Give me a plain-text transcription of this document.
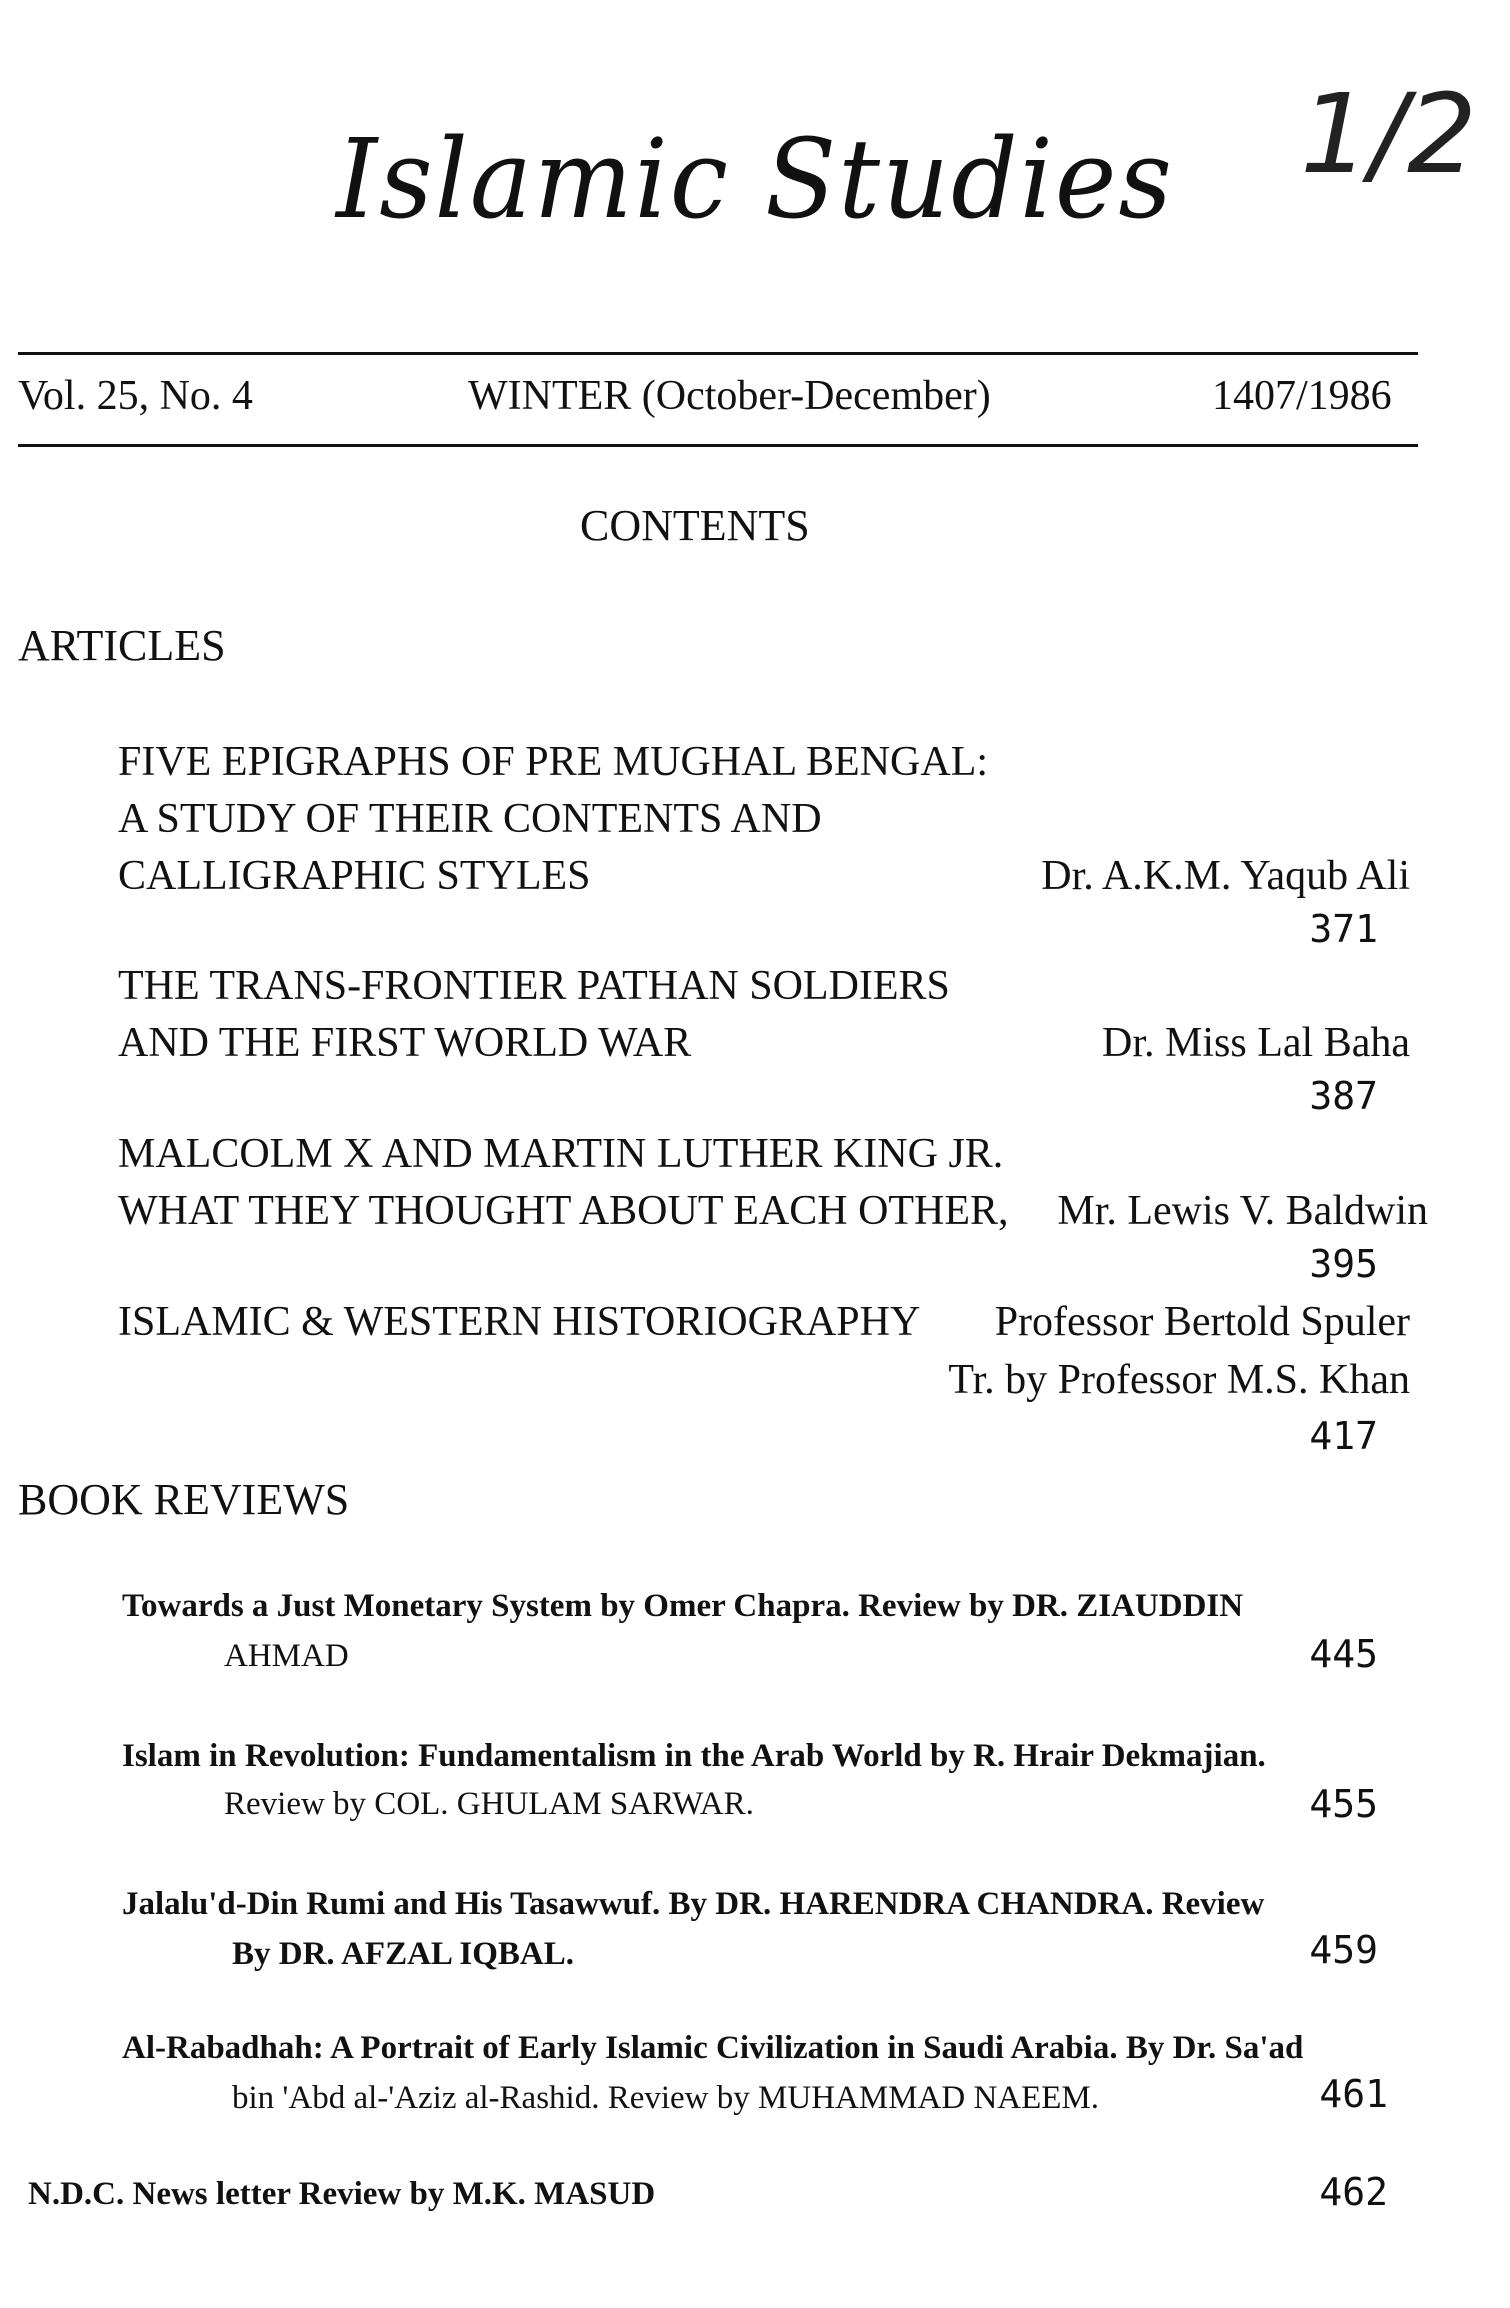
Islamic Studies	1/2
Vol. 25, No. 4	WINTER (October-December)	1407/1986
CONTENTS
ARTICLES
FIVE EPIGRAPHS OF PRE MUGHAL BENGAL:
A STUDY OF THEIR CONTENTS AND
CALLIGRAPHIC STYLES	Dr. A.K.M. Yaqub Ali
371
THE TRANS-FRONTIER PATHAN SOLDIERS
AND THE FIRST WORLD WAR	Dr. Miss Lal Baha
387
MALCOLM X AND MARTIN LUTHER KING JR.
WHAT THEY THOUGHT ABOUT EACH OTHER, Mr. Lewis V. Baldwin
395
ISLAMIC & WESTERN HISTORIOGRAPHY Professor Bertold Spuler
Tr. by Professor M.S. Khan
417
BOOK REVIEWS
Towards a Just Monetary System by Omer Chapra. Review by DR. ZIAUDDIN
AHMAD	445
Islam in Revolution: Fundamentalism in the Arab World by R. Hrair Dekmajian.
Review by COL. GHULAM SARWAR.	455
Jalalu'd-Din Rumi and His Tasawwuf. By DR. HARENDRA CHANDRA. Review
By DR. AFZAL IQBAL.	459
Al-Rabadhah: A Portrait of Early Islamic Civilization in Saudi Arabia. By Dr. Sa'ad
bin 'Abd al-'Aziz al-Rashid. Review by MUHAMMAD NAEEM.	461
N.D.C. News letter Review by M.K. MASUD	462
